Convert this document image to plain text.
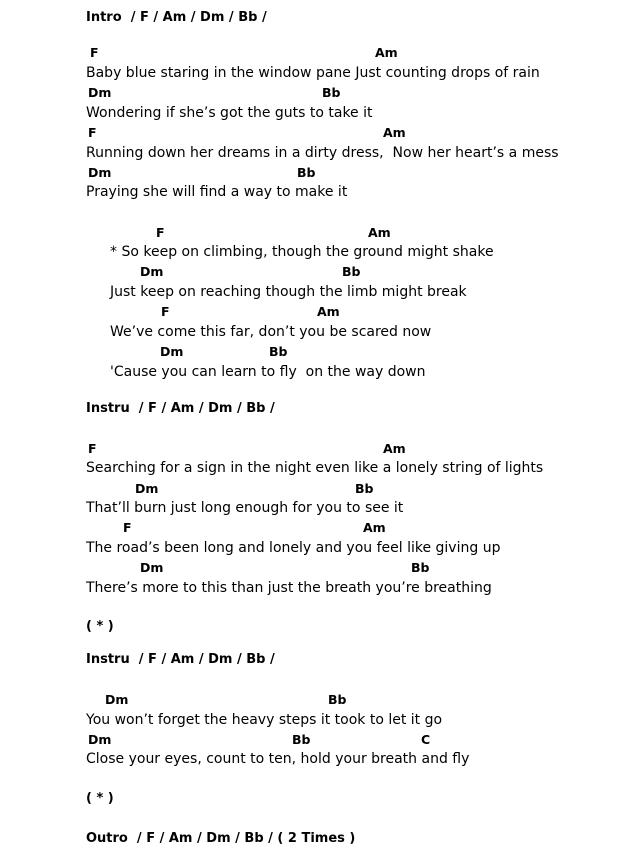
Intro  / F / Am / Dm / Bb /
F	Am
Baby blue staring in the window pane Just counting drops of rain
Dm	Bb
Wondering if she’s got the guts to take it
F	Am
Running down her dreams in a dirty dress,  Now her heart’s a mess
Dm	Bb
Praying she will find a way to make it
F	Am
* So keep on climbing, though the ground might shake
Dm	Bb
Just keep on reaching though the limb might break
F	Am
We’ve come this far, don’t you be scared now
Dm	Bb
'Cause you can learn to fly  on the way down
Instru  / F / Am / Dm / Bb /
F	Am
Searching for a sign in the night even like a lonely string of lights
Dm	Bb
That’ll burn just long enough for you to see it
F	Am
The road’s been long and lonely and you feel like giving up
Dm	Bb
There’s more to this than just the breath you’re breathing
( * )
Instru  / F / Am / Dm / Bb /
Dm	Bb
You won’t forget the heavy steps it took to let it go
Dm	Bb	C
Close your eyes, count to ten, hold your breath and fly
( * )
Outro  / F / Am / Dm / Bb / ( 2 Times )
